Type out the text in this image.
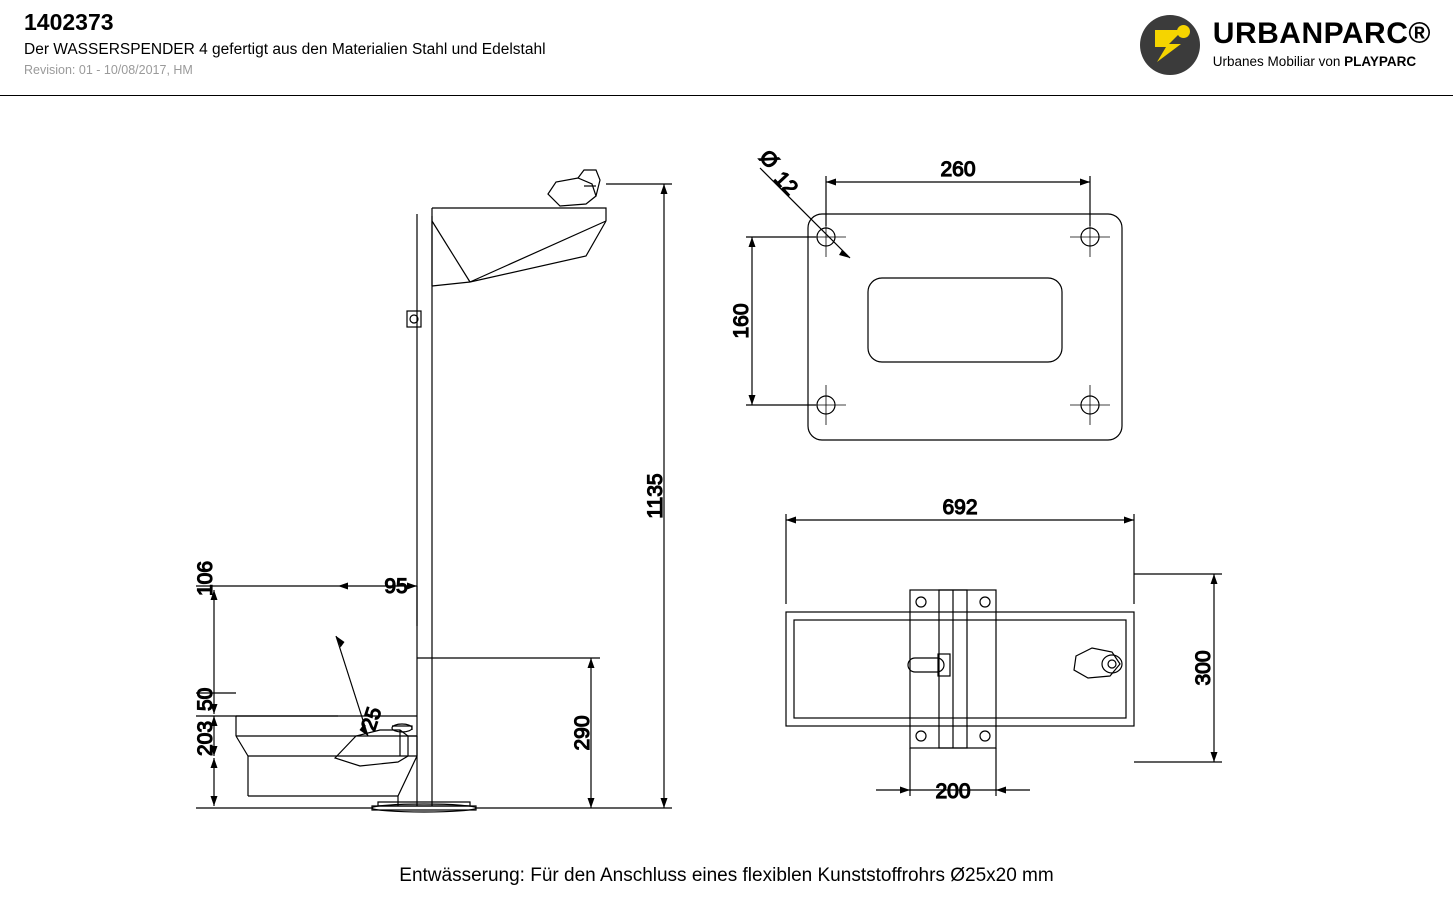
1402373
Der WASSERSPENDER 4 gefertigt aus den Materialien Stahl und Edelstahl
Revision: 01 - 10/08/2017, HM
URBANPARC®
Urbanes Mobiliar von PLAYPARC
1135
290
95
106
50
203
25
260
160
Ø
12
692
300
200
Entwässerung: Für den Anschluss eines flexiblen Kunststoffrohrs Ø25x20 mm
